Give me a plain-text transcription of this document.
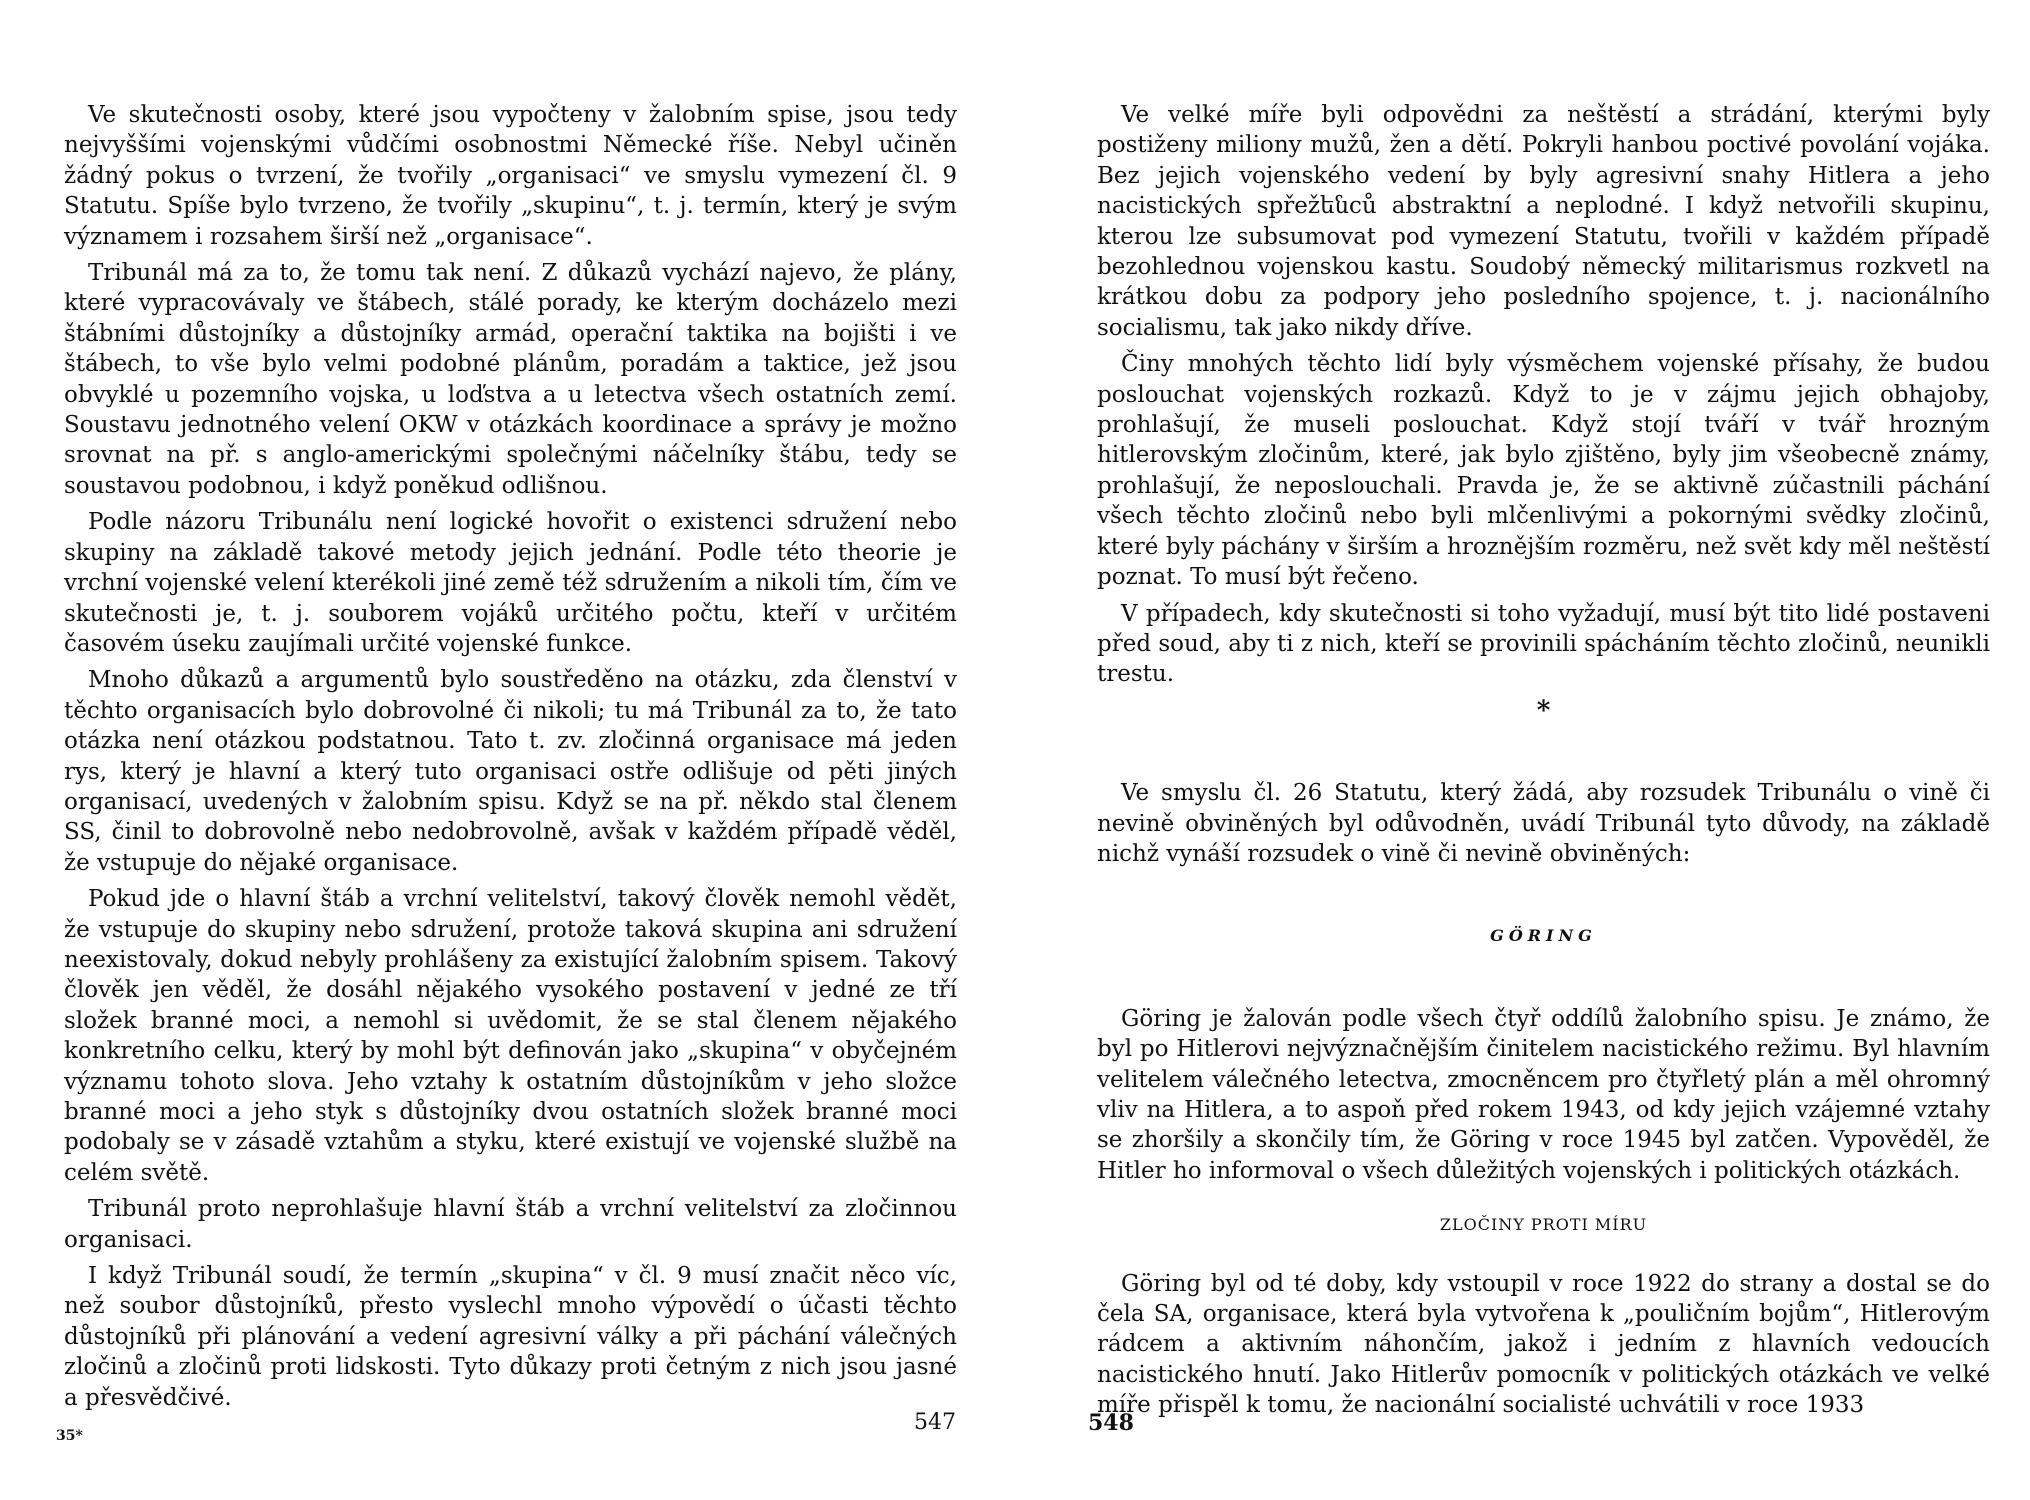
Ve skutečnosti osoby, které jsou vypočteny v žalobním spise, jsou tedy nejvyššími vojenskými vůdčími osobnostmi Německé říše. Nebyl učiněn žádný pokus o tvrzení, že tvořily „organisaci“ ve smyslu vymezení čl. 9 Statutu. Spíše bylo tvrzeno, že tvořily „skupinu“, t. j. termín, který je svým významem i rozsahem širší než „organisace“.

Tribunál má za to, že tomu tak není. Z důkazů vychází najevo, že plány, které vypracovávaly ve štábech, stálé porady, ke kterým docházelo mezi štábními důstojníky a důstojníky armád, operační taktika na bojišti i ve štábech, to vše bylo velmi podobné plánům, poradám a taktice, jež jsou obvyklé u pozemního vojska, u loďstva a u letectva všech ostatních zemí. Soustavu jednotného velení OKW v otázkách koordinace a správy je možno srovnat na př. s anglo-americkými společnými náčelníky štábu, tedy se soustavou podobnou, i když poněkud odlišnou.

Podle názoru Tribunálu není logické hovořit o existenci sdružení nebo skupiny na základě takové metody jejich jednání. Podle této theorie je vrchní vojenské velení kterékoli jiné země též sdružením a nikoli tím, čím ve skutečnosti je, t. j. souborem vojáků určitého počtu, kteří v určitém časovém úseku zaujímali určité vojenské funkce.

Mnoho důkazů a argumentů bylo soustředěno na otázku, zda členství v těchto organisacích bylo dobrovolné či nikoli; tu má Tribunál za to, že tato otázka není otázkou podstatnou. Tato t. zv. zločinná organisace má jeden rys, který je hlavní a který tuto organisaci ostře odlišuje od pěti jiných organisací, uvedených v žalobním spisu. Když se na př. někdo stal členem SS, činil to dobrovolně nebo nedobrovolně, avšak v každém případě věděl, že vstupuje do nějaké organisace.

Pokud jde o hlavní štáb a vrchní velitelství, takový člověk nemohl vědět, že vstupuje do skupiny nebo sdružení, protože taková skupina ani sdružení neexistovaly, dokud nebyly prohlášeny za existující žalobním spisem. Takový člověk jen věděl, že dosáhl nějakého vysokého postavení v jedné ze tří složek branné moci, a nemohl si uvědomit, že se stal členem nějakého konkretního celku, který by mohl být definován jako „skupina“ v obyčejném významu tohoto slova. Jeho vztahy k ostatním důstojníkům v jeho složce branné moci a jeho styk s důstojníky dvou ostatních složek branné moci podobaly se v zásadě vztahům a styku, které existují ve vojenské službě na celém světě.

Tribunál proto neprohlašuje hlavní štáb a vrchní velitelství za zločinnou organisaci.

I když Tribunál soudí, že termín „skupina“ v čl. 9 musí značit něco víc, než soubor důstojníků, přesto vyslechl mnoho výpovědí o účasti těchto důstojníků při plánování a vedení agresivní války a při páchání válečných zločinů a zločinů proti lidskosti. Tyto důkazy proti četným z nich jsou jasné a přesvědčivé.

35*
547

Ve velké míře byli odpovědni za neštěstí a strádání, kterými byly postiženy miliony mužů, žen a dětí. Pokryli hanbou poctivé povolání vojáka. Bez jejich vojenského vedení by byly agresivní snahy Hitlera a jeho nacistických spřežենců abstraktní a neplodné. I když netvořili skupinu, kterou lze subsumovat pod vymezení Statutu, tvořili v každém případě bezohlednou vojenskou kastu. Soudobý německý militarismus rozkvetl na krátkou dobu za podpory jeho posledního spojence, t. j. nacionálního socialismu, tak jako nikdy dříve.

Činy mnohých těchto lidí byly výsměchem vojenské přísahy, že budou poslouchat vojenských rozkazů. Když to je v zájmu jejich obhajoby, prohlašují, že museli poslouchat. Když stojí tváří v tvář hrozným hitlerovským zločinům, které, jak bylo zjištěno, byly jim všeobecně známy, prohlašují, že neposlouchali. Pravda je, že se aktivně zúčastnili páchání všech těchto zločinů nebo byli mlčenlivými a pokornými svědky zločinů, které byly páchány v širším a hroznějším rozměru, než svět kdy měl neštěstí poznat. To musí být řečeno.

V případech, kdy skutečnosti si toho vyžadují, musí být tito lidé postaveni před soud, aby ti z nich, kteří se provinili spácháním těchto zločinů, neunikli trestu.

*

Ve smyslu čl. 26 Statutu, který žádá, aby rozsudek Tribunálu o vině či nevině obviněných byl odůvodněn, uvádí Tribunál tyto důvody, na základě nichž vynáší rozsudek o vině či nevině obviněných:

GÖRING

Göring je žalován podle všech čtyř oddílů žalobního spisu. Je známo, že byl po Hitlerovi nejvýznačnějším činitelem nacistického režimu. Byl hlavním velitelem válečného letectva, zmocněncem pro čtyřletý plán a měl ohromný vliv na Hitlera, a to aspoň před rokem 1943, od kdy jejich vzájemné vztahy se zhoršily a skončily tím, že Göring v roce 1945 byl zatčen. Vypověděl, že Hitler ho informoval o všech důležitých vojenských i politických otázkách.

ZLOČINY PROTI MÍRU

Göring byl od té doby, kdy vstoupil v roce 1922 do strany a dostal se do čela SA, organisace, která byla vytvořena k „pouličním bojům“, Hitlerovým rádcem a aktivním náhončím, jakož i jedním z hlavních vedoucích nacistického hnutí. Jako Hitlerův pomocník v politických otázkách ve velké míře přispěl k tomu, že nacionální socialisté uchvátili v roce 1933

548
